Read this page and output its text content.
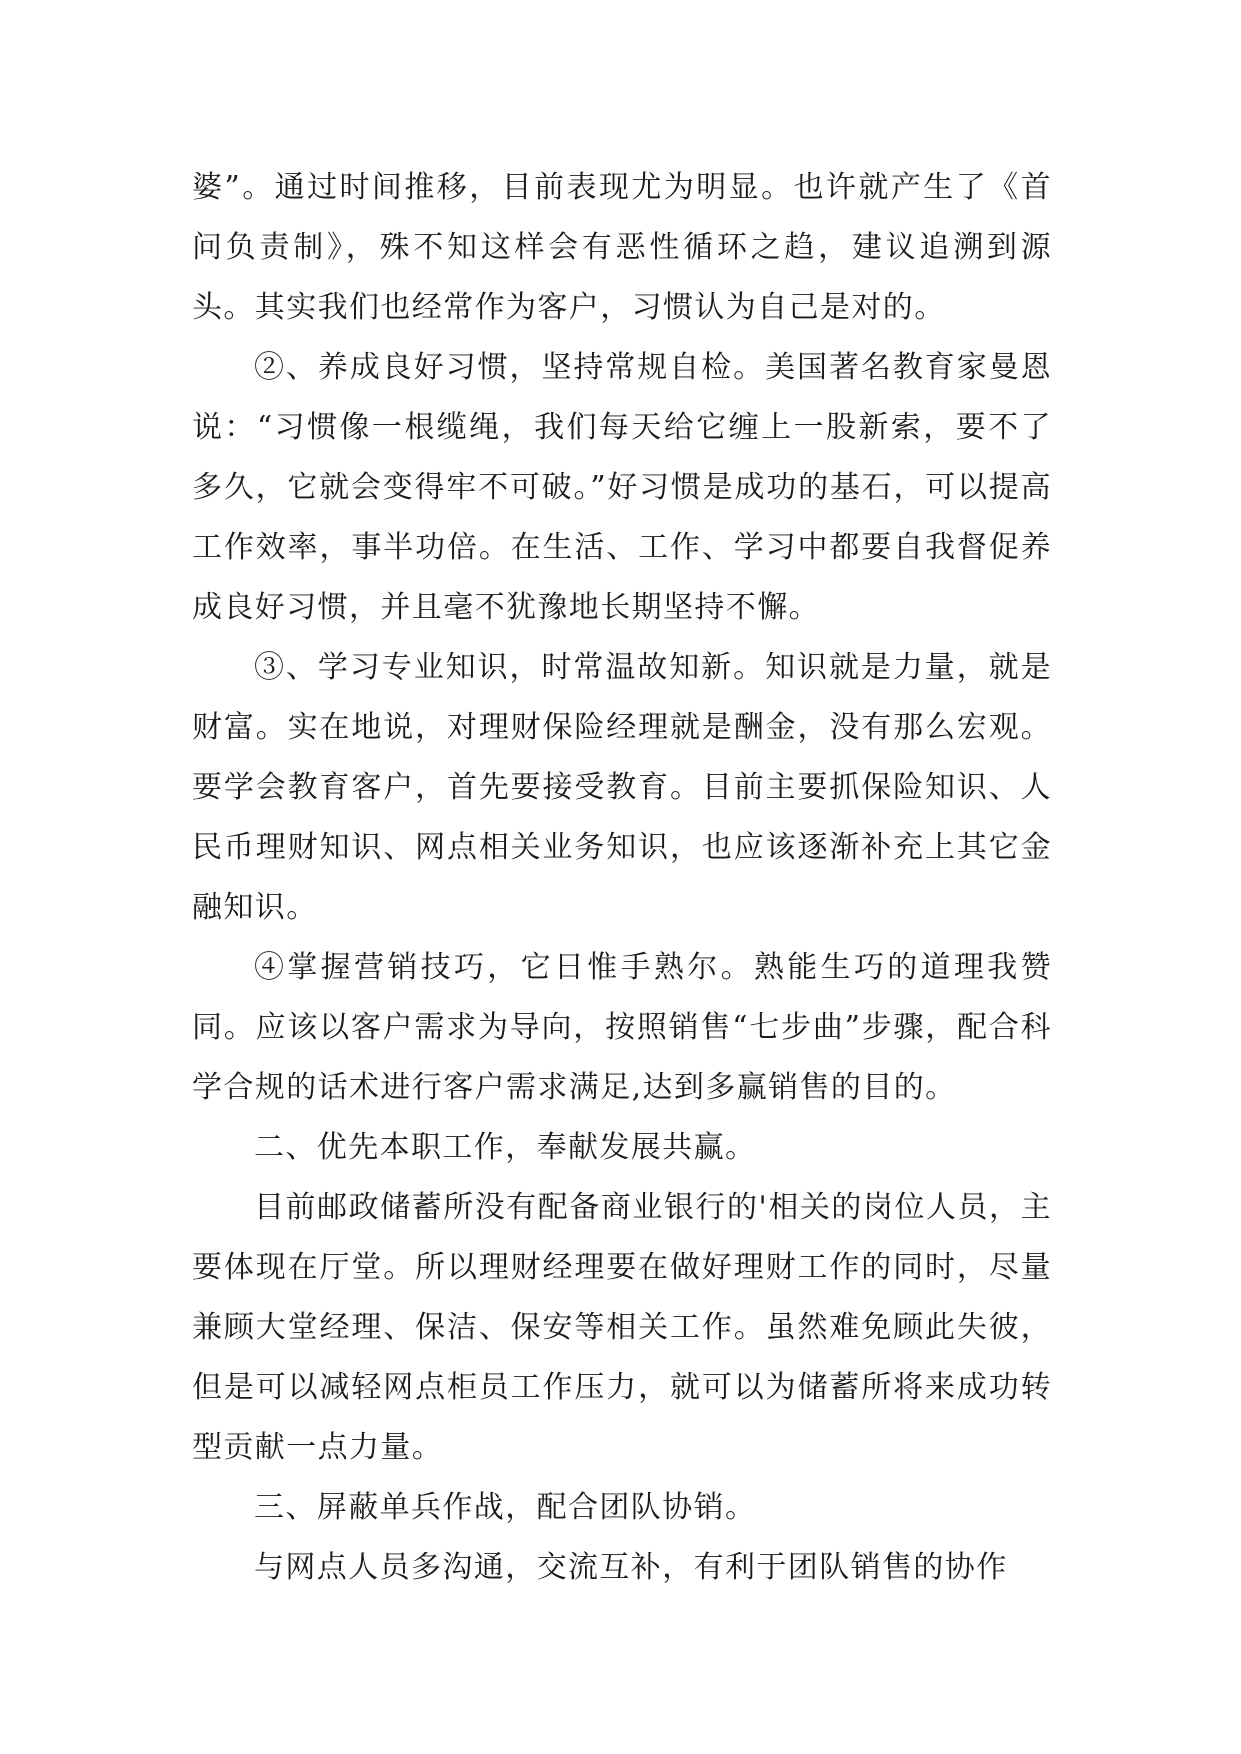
婆”。通过时间推移，目前表现尤为明显。也许就产生了《首问负责制》，殊不知这样会有恶性循环之趋，建议追溯到源头。其实我们也经常作为客户，习惯认为自己是对的。

②、养成良好习惯，坚持常规自检。美国著名教育家曼恩说：“习惯像一根缆绳，我们每天给它缠上一股新索，要不了多久，它就会变得牢不可破。”好习惯是成功的基石，可以提高工作效率，事半功倍。在生活、工作、学习中都要自我督促养成良好习惯，并且毫不犹豫地长期坚持不懈。

③、学习专业知识，时常温故知新。知识就是力量，就是财富。实在地说，对理财保险经理就是酬金，没有那么宏观。要学会教育客户，首先要接受教育。目前主要抓保险知识、人民币理财知识、网点相关业务知识，也应该逐渐补充上其它金融知识。

④掌握营销技巧，它日惟手熟尔。熟能生巧的道理我赞同。应该以客户需求为导向，按照销售“七步曲”步骤，配合科学合规的话术进行客户需求满足,达到多赢销售的目的。

二、优先本职工作，奉献发展共赢。

目前邮政储蓄所没有配备商业银行的'相关的岗位人员，主要体现在厅堂。所以理财经理要在做好理财工作的同时，尽量兼顾大堂经理、保洁、保安等相关工作。虽然难免顾此失彼，但是可以减轻网点柜员工作压力，就可以为储蓄所将来成功转型贡献一点力量。

三、屏蔽单兵作战，配合团队协销。

与网点人员多沟通，交流互补，有利于团队销售的协作
